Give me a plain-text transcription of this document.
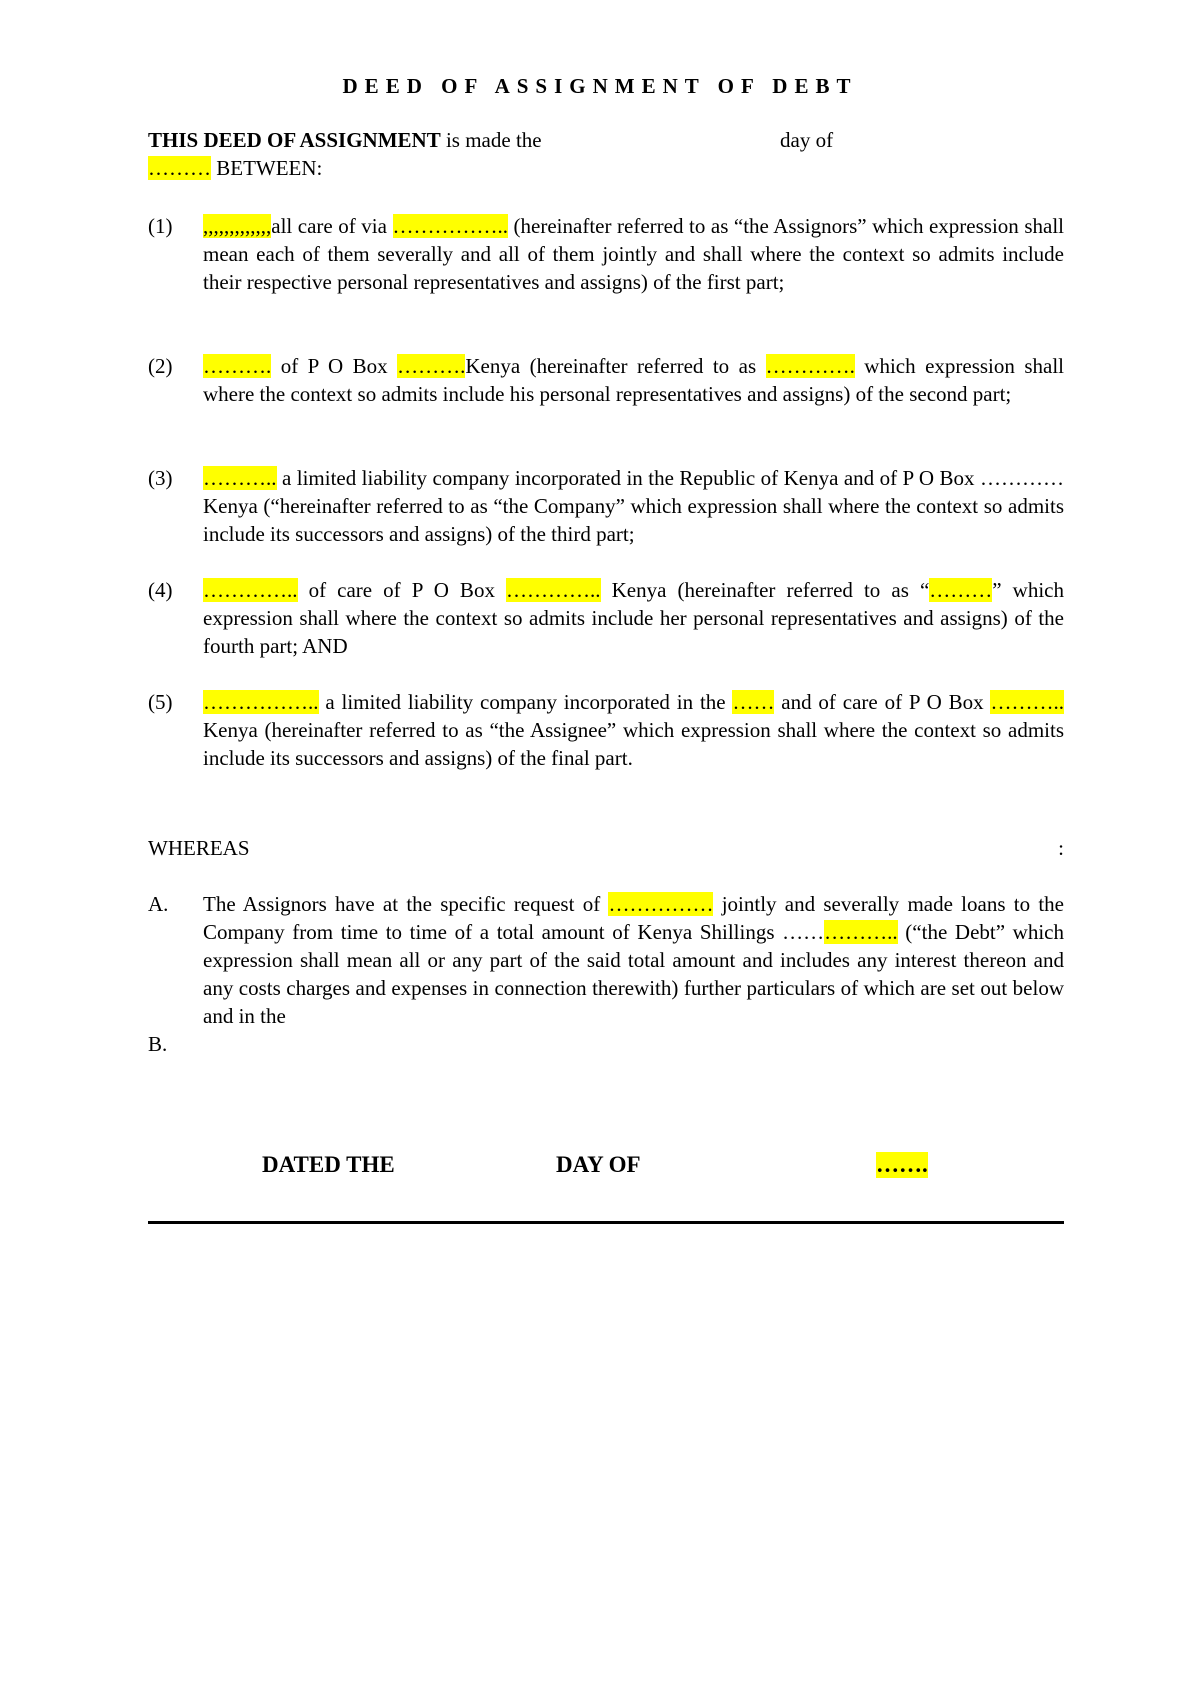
DEED OF ASSIGNMENT OF DEBT
THIS DEED OF ASSIGNMENT is made the	day of
……… BETWEEN:
(1) ,,,,,,,,,,,,,all care of via …………….. (hereinafter referred to as “the Assignors” which expression shall mean each of them severally and all of them jointly and shall where the context so admits include their respective personal representatives and assigns) of the first part;
(2) ………. of P O Box ……….Kenya (hereinafter referred to as …………. which expression shall where the context so admits include his personal representatives and assigns) of the second part;
(3) ……….. a limited liability company incorporated in the Republic of Kenya and of P O Box ………… Kenya (“hereinafter referred to as “the Company” which expression shall where the context so admits include its successors and assigns) of the third part;
(4) ………….. of care of P O Box ………….. Kenya (hereinafter referred to as “………” which expression shall where the context so admits include her personal representatives and assigns) of the fourth part; AND
(5) …………….. a limited liability company incorporated in the …… and of care of P O Box ……….. Kenya (hereinafter referred to as “the Assignee” which expression shall where the context so admits include its successors and assigns) of the final part.
WHEREAS	:
A. The Assignors have at the specific request of …………… jointly and severally made loans to the Company from time to time of a total amount of Kenya Shillings …………….. (“the Debt” which expression shall mean all or any part of the said total amount and includes any interest thereon and any costs charges and expenses in connection therewith) further particulars of which are set out below and in the
B.
DATED THE	DAY OF	…….
